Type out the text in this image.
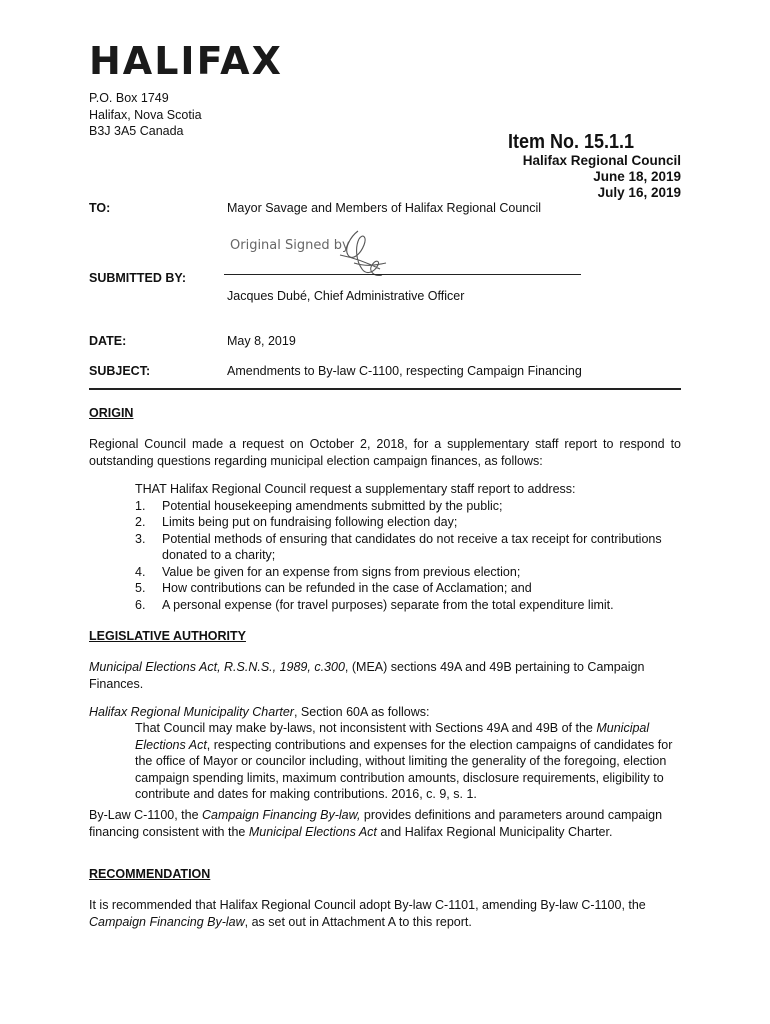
HALIFAX
P.O. Box 1749
Halifax, Nova Scotia
B3J 3A5 Canada	Item No. 15.1.1
Halifax Regional Council
June 18, 2019
July 16, 2019
TO:	Mayor Savage and Members of Halifax Regional Council
Original Signed by
SUBMITTED BY:
Jacques Dubé, Chief Administrative Officer
DATE:	May 8, 2019
SUBJECT:	Amendments to By-law C-1100, respecting Campaign Financing
ORIGIN
Regional Council made a request on October 2, 2018, for a supplementary staff report to respond to outstanding questions regarding municipal election campaign finances, as follows:
THAT Halifax Regional Council request a supplementary staff report to address:
1.	Potential housekeeping amendments submitted by the public;
2.	Limits being put on fundraising following election day;
3.	Potential methods of ensuring that candidates do not receive a tax receipt for contributions donated to a charity;
4.	Value be given for an expense from signs from previous election;
5.	How contributions can be refunded in the case of Acclamation; and
6.	A personal expense (for travel purposes) separate from the total expenditure limit.
LEGISLATIVE AUTHORITY
Municipal Elections Act, R.S.N.S., 1989, c.300, (MEA) sections 49A and 49B pertaining to Campaign Finances.
Halifax Regional Municipality Charter, Section 60A as follows:
That Council may make by-laws, not inconsistent with Sections 49A and 49B of the Municipal Elections Act, respecting contributions and expenses for the election campaigns of candidates for the office of Mayor or councilor including, without limiting the generality of the foregoing, election campaign spending limits, maximum contribution amounts, disclosure requirements, eligibility to contribute and dates for making contributions. 2016, c. 9, s. 1.
By-Law C-1100, the Campaign Financing By-law, provides definitions and parameters around campaign financing consistent with the Municipal Elections Act and Halifax Regional Municipality Charter.
RECOMMENDATION
It is recommended that Halifax Regional Council adopt By-law C-1101, amending By-law C-1100, the Campaign Financing By-law, as set out in Attachment A to this report.
